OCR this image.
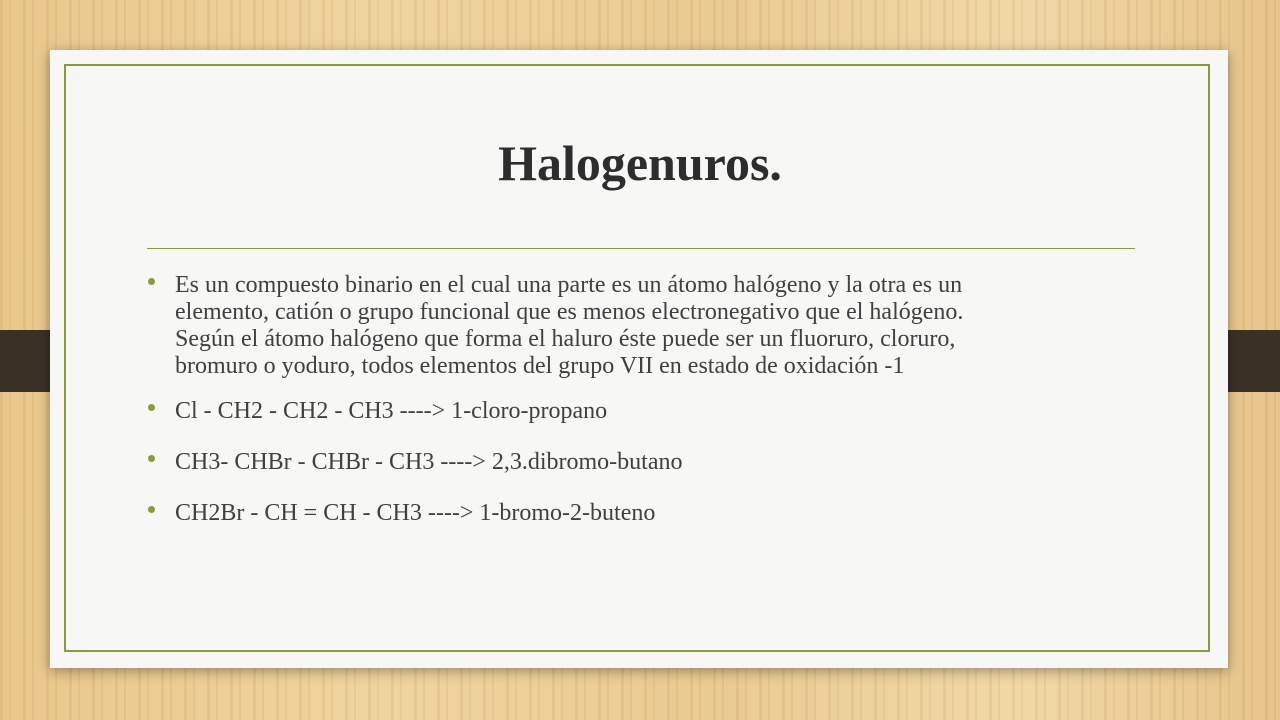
Halogenuros.
Es un compuesto binario en el cual una parte es un átomo halógeno y la otra es un elemento, catión o grupo funcional que es menos electronegativo que el halógeno. Según el átomo halógeno que forma el haluro éste puede ser un fluoruro, cloruro, bromuro o yoduro, todos elementos del grupo VII en estado de oxidación -1
Cl - CH2 - CH2 - CH3 ----> 1-cloro-propano
CH3- CHBr - CHBr - CH3 ----> 2,3.dibromo-butano
CH2Br - CH = CH - CH3 ----> 1-bromo-2-buteno
